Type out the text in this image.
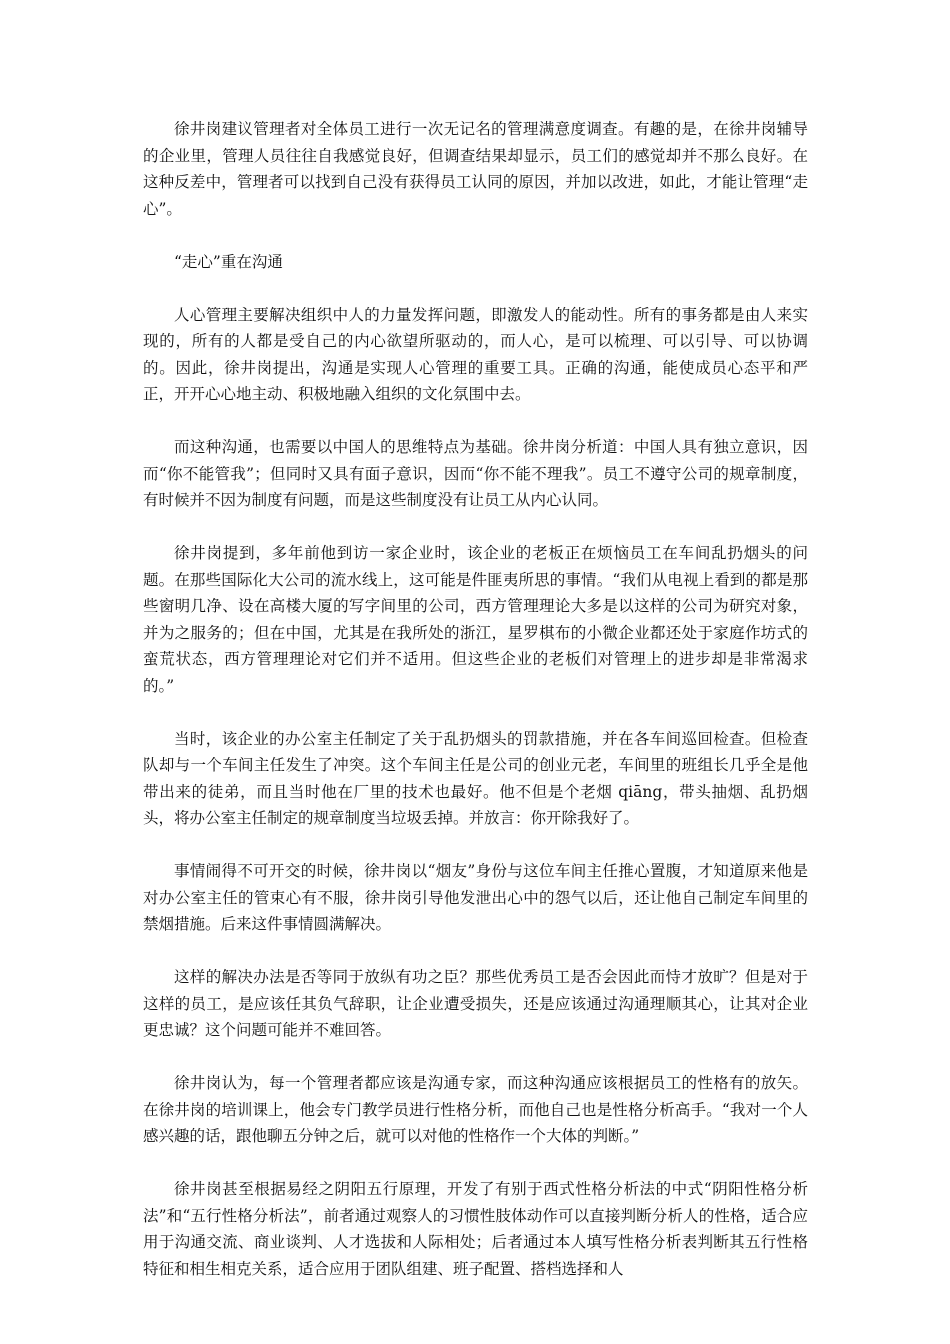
徐井岗建议管理者对全体员工进行一次无记名的管理满意度调查。有趣的是，在徐井岗辅导的企业里，管理人员往往自我感觉良好，但调查结果却显示，员工们的感觉却并不那么良好。在这种反差中，管理者可以找到自己没有获得员工认同的原因，并加以改进，如此，才能让管理“走心”。

“走心”重在沟通

人心管理主要解决组织中人的力量发挥问题，即激发人的能动性。所有的事务都是由人来实现的，所有的人都是受自己的内心欲望所驱动的，而人心，是可以梳理、可以引导、可以协调的。因此，徐井岗提出，沟通是实现人心管理的重要工具。正确的沟通，能使成员心态平和严正，开开心心地主动、积极地融入组织的文化氛围中去。

而这种沟通，也需要以中国人的思维特点为基础。徐井岗分析道：中国人具有独立意识，因而“你不能管我”；但同时又具有面子意识，因而“你不能不理我”。员工不遵守公司的规章制度，有时候并不因为制度有问题，而是这些制度没有让员工从内心认同。

徐井岗提到，多年前他到访一家企业时，该企业的老板正在烦恼员工在车间乱扔烟头的问题。在那些国际化大公司的流水线上，这可能是件匪夷所思的事情。“我们从电视上看到的都是那些窗明几净、设在高楼大厦的写字间里的公司，西方管理理论大多是以这样的公司为研究对象，并为之服务的；但在中国，尤其是在我所处的浙江，星罗棋布的小微企业都还处于家庭作坊式的蛮荒状态，西方管理理论对它们并不适用。但这些企业的老板们对管理上的进步却是非常渴求的。”

当时，该企业的办公室主任制定了关于乱扔烟头的罚款措施，并在各车间巡回检查。但检查队却与一个车间主任发生了冲突。这个车间主任是公司的创业元老，车间里的班组长几乎全是他带出来的徒弟，而且当时他在厂里的技术也最好。他不但是个老烟 qiāng，带头抽烟、乱扔烟头，将办公室主任制定的规章制度当垃圾丢掉。并放言：你开除我好了。

事情闹得不可开交的时候，徐井岗以“烟友”身份与这位车间主任推心置腹，才知道原来他是对办公室主任的管束心有不服，徐井岗引导他发泄出心中的怨气以后，还让他自己制定车间里的禁烟措施。后来这件事情圆满解决。

这样的解决办法是否等同于放纵有功之臣？那些优秀员工是否会因此而恃才放旷？但是对于这样的员工，是应该任其负气辞职，让企业遭受损失，还是应该通过沟通理顺其心，让其对企业更忠诚？这个问题可能并不难回答。

徐井岗认为，每一个管理者都应该是沟通专家，而这种沟通应该根据员工的性格有的放矢。在徐井岗的培训课上，他会专门教学员进行性格分析，而他自己也是性格分析高手。“我对一个人感兴趣的话，跟他聊五分钟之后，就可以对他的性格作一个大体的判断。”

徐井岗甚至根据易经之阴阳五行原理，开发了有别于西式性格分析法的中式“阴阳性格分析法”和“五行性格分析法”，前者通过观察人的习惯性肢体动作可以直接判断分析人的性格，适合应用于沟通交流、商业谈判、人才选拔和人际相处；后者通过本人填写性格分析表判断其五行性格特征和相生相克关系，适合应用于团队组建、班子配置、搭档选择和人
